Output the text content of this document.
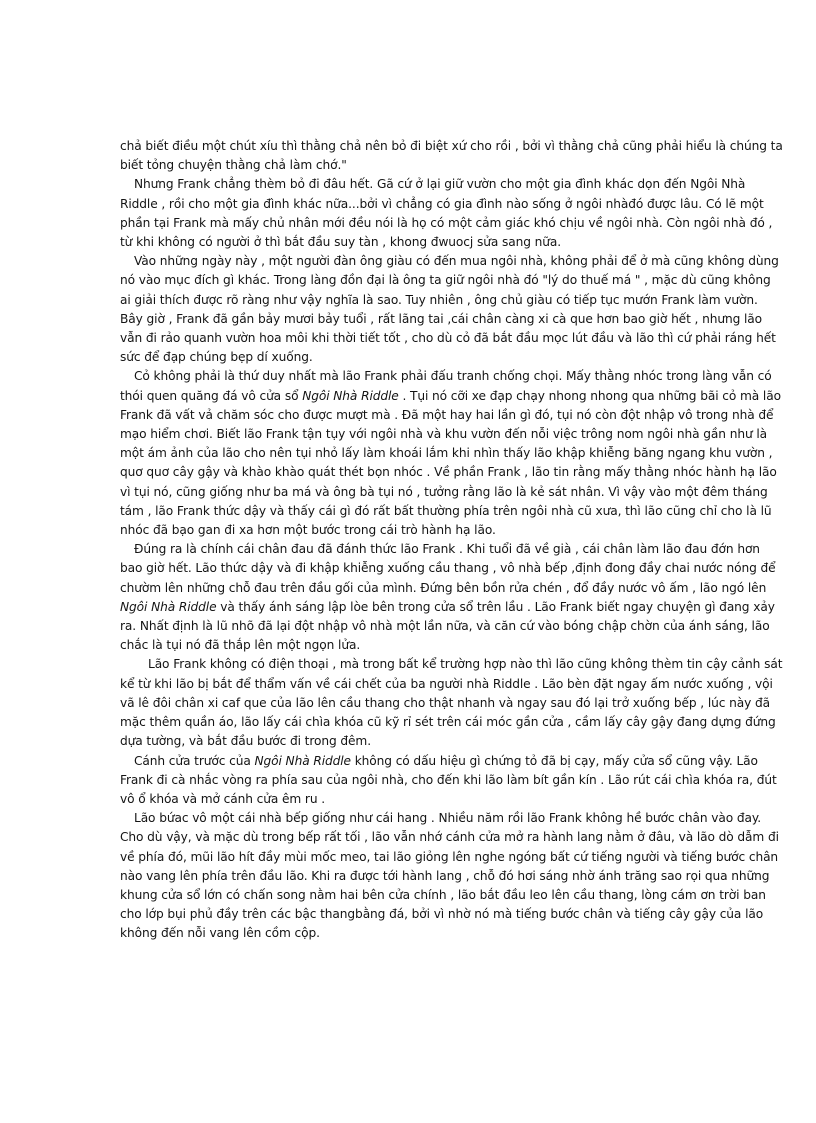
chả biết điều một chút xíu thì thằng chả nên bỏ đi biệt xứ cho rồi , bởi vì thằng chả cũng phải hiểu là chúng ta biết tỏng chuyện thằng chả làm chớ."

Nhưng Frank chẳng thèm bỏ đi đâu hết. Gã cứ ở lại giữ vườn cho một gia đình khác dọn đến Ngôi Nhà Riddle , rồi cho một gia đình khác nữa...bởi vì chẳng có gia đình nào sống ở ngôi nhàđó được lâu. Có lẽ một phần tại Frank mà mấy chủ nhân mới đều nói là họ có một cảm giác khó chịu về ngôi nhà. Còn ngôi nhà đó , từ khi không có người ở thì bắt đầu suy tàn , khong đwuocj sửa sang nữa.

Vào những ngày này , một người đàn ông giàu có đến mua ngôi nhà, không phải để ở mà cũng không dùng nó vào mục đích gì khác. Trong làng đồn đại là ông ta giữ ngôi nhà đó "lý do thuế má " , mặc dù cũng không ai giải thích được rõ ràng như vậy nghĩa là sao. Tuy nhiên , ông chủ giàu có tiếp tục mướn Frank làm vườn. Bây giờ , Frank đã gần bảy mươi bảy tuổi , rất lãng tai ,cái chân càng xi cà que hơn bao giờ hết , nhưng lão vẫn đi rảo quanh vườn hoa môi khi thời tiết tốt , cho dù cỏ đã bắt đầu mọc lút đầu và lão thì cứ phải ráng hết sức để đạp chúng bẹp dí xuống.

Cỏ không phải là thứ duy nhất mà lão Frank phải đấu tranh chống chọi. Mấy thằng nhóc trong làng vẫn có thói quen quăng đá vô cửa sổ Ngôi Nhà Riddle . Tụi nó cỡi xe đạp chạy nhong nhong qua những bãi cỏ mà lão Frank đã vất vả chăm sóc cho được mượt mà . Đã một hay hai lần gì đó, tụi nó còn đột nhập vô trong nhà để mạo hiểm chơi. Biết lão Frank tận tụy với ngôi nhà và khu vườn đến nỗi việc trông nom ngôi nhà gần như là một ám ảnh của lão cho nên tụi nhỏ lấy làm khoái lắm khi nhìn thấy lão khập khiễng băng ngang khu vườn , quơ quơ cây gậy và khào khào quát thét bọn nhóc . Về phần Frank , lão tin rằng mấy thằng nhóc hành hạ lão vì tụi nó, cũng giống như ba má và ông bà tụi nó , tưởng rằng lão là kẻ sát nhân. Vì vậy vào một đêm tháng tám , lão Frank thức dậy và thấy cái gì đó rất bất thường phía trên ngôi nhà cũ xưa, thì lão cũng chỉ cho là lũ nhóc đã bạo gan đi xa hơn một bước trong cái trò hành hạ lão.

Đúng ra là chính cái chân đau đã đánh thức lão Frank . Khi tuổi đã về già , cái chân làm lão đau đớn hơn bao giờ hết. Lão thức dậy và đi khập khiễng xuống cầu thang , vô nhà bếp ,định đong đầy chai nước nóng để chườm lên những chỗ đau trên đầu gối của mình. Đứng bên bồn rửa chén , đổ đầy nước vô ấm , lão ngó lên Ngôi Nhà Riddle và thấy ánh sáng lập lòe bên trong cửa sổ trên lầu . Lão Frank biết ngay chuyện gì đang xảy ra. Nhất định là lũ nhõ đã lại đột nhập vô nhà một lần nữa, và căn cứ vào bóng chập chờn của ánh sáng, lão chắc là tụi nó đã thắp lên một ngọn lửa.

Lão Frank không có điện thoại , mà trong bất kể trường hợp nào thì lão cũng không thèm tin cậy cảnh sát kể từ khi lão bị bắt để thẩm vấn về cái chết của ba người nhà Riddle . Lão bèn đặt ngay ấm nước xuống , vội vã lê đôi chân xi caf que của lão lên cầu thang cho thật nhanh và ngay sau đó lại trở xuống bếp , lúc này đã mặc thêm quần áo, lão lấy cái chìa khóa cũ kỹ rỉ sét trên cái móc gần cửa , cầm lấy cây gậy đang dựng đứng dựa tường, và bắt đầu bước đi trong đêm.

Cánh cửa trước của Ngôi Nhà Riddle không có dấu hiệu gì chứng tỏ đã bị cạy, mấy cửa sổ cũng vậy. Lão Frank đi cà nhắc vòng ra phía sau của ngôi nhà, cho đến khi lão làm bít gần kín . Lão rút cái chìa khóa ra, đút vô ổ khóa và mở cánh cửa êm ru .

Lão bứac vô một cái nhà bếp giống như cái hang . Nhiều năm rồi lão Frank không hề bước chân vào đay. Cho dù vậy, và mặc dù trong bếp rất tối , lão vẫn nhớ cánh cửa mở ra hành lang nằm ở đâu, và lão dò dẫm đi về phía đó, mũi lão hít đầy mùi mốc meo, tai lão giỏng lên nghe ngóng bất cứ tiếng người và tiếng bước chân nào vang lên phía trên đầu lão. Khi ra được tới hành lang , chỗ đó hơi sáng nhờ ánh trăng sao rọi qua những khung cửa sổ lớn có chấn song nằm hai bên cửa chính , lão bắt đầu leo lên cầu thang, lòng cám ơn trời ban cho lớp bụi phủ đầy trên các bậc thangbằng đá, bởi vì nhờ nó mà tiếng bước chân và tiếng cây gậy của lão không đến nỗi vang lên cồm cộp.
